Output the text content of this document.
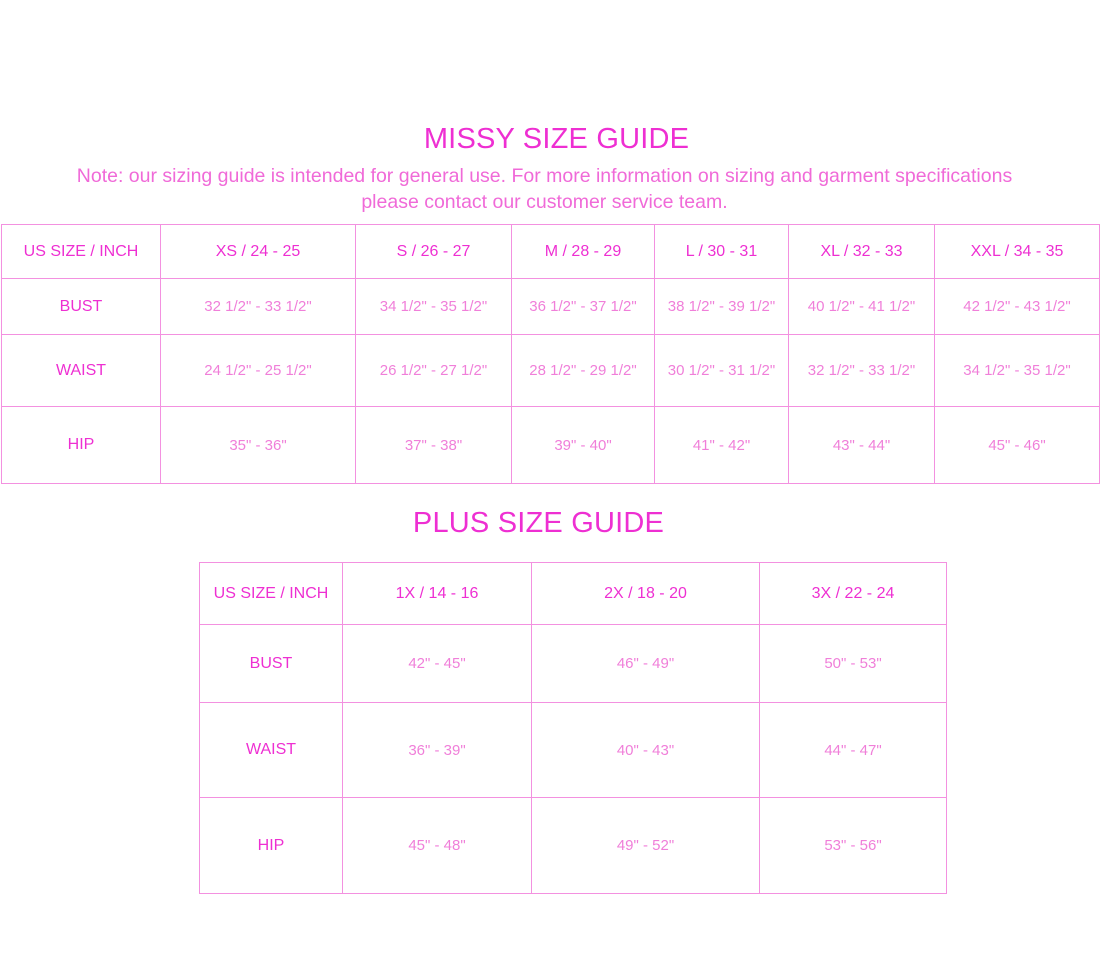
MISSY SIZE GUIDE
Note: our sizing guide is intended for general use. For more information on sizing and garment specifications
please contact our customer service team.
US SIZE / INCH	XS / 24 - 25	S / 26 - 27	M / 28 - 29	L / 30 - 31	XL / 32 - 33	XXL / 34 - 35
BUST	32 1/2" - 33 1/2"	34 1/2" - 35 1/2"	36 1/2" - 37 1/2"	38 1/2" - 39 1/2"	40 1/2" - 41 1/2"	42 1/2" - 43 1/2"
WAIST	24 1/2" - 25 1/2"	26 1/2" - 27 1/2"	28 1/2" - 29 1/2"	30 1/2" - 31 1/2"	32 1/2" - 33 1/2"	34 1/2" - 35 1/2"
HIP	35" - 36"	37" - 38"	39" - 40"	41" - 42"	43" - 44"	45" - 46"
PLUS SIZE GUIDE
US SIZE / INCH	1X / 14 - 16	2X / 18 - 20	3X / 22 - 24
BUST	42" - 45"	46" - 49"	50" - 53"
WAIST	36" - 39"	40" - 43"	44" - 47"
HIP	45" - 48"	49" - 52"	53" - 56"
